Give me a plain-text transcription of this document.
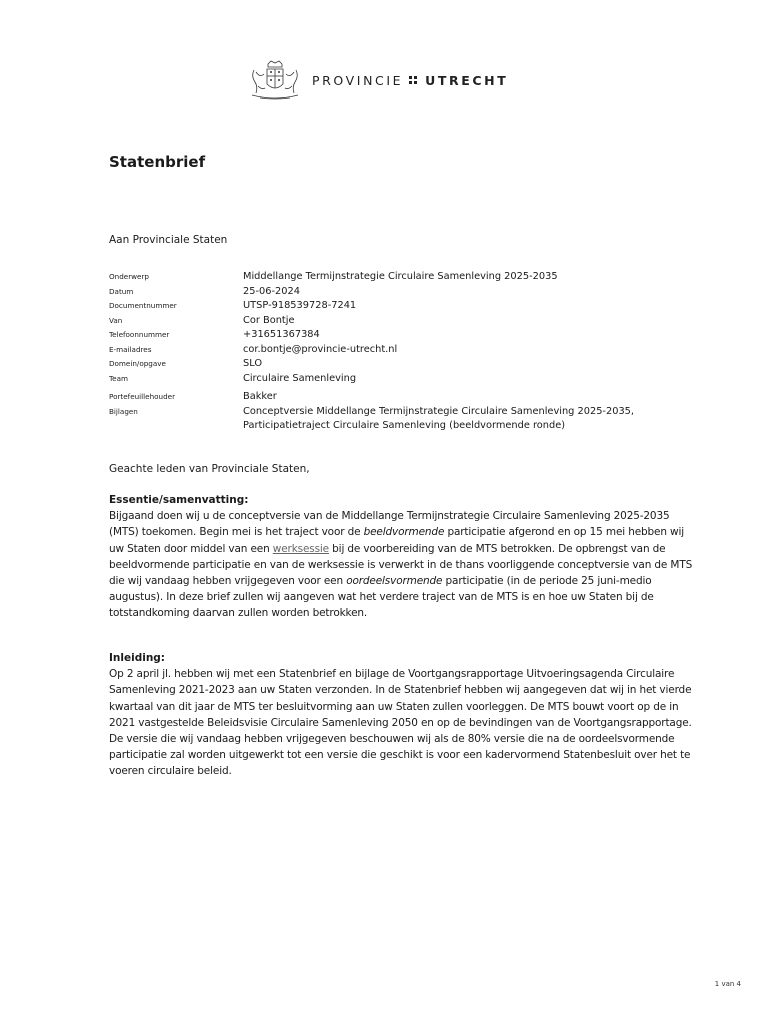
PROVINCIE UTRECHT
Statenbrief
Aan Provinciale Staten
Onderwerp	Middellange Termijnstrategie Circulaire Samenleving 2025-2035
Datum	25-06-2024
Documentnummer	UTSP-918539728-7241
Van	Cor Bontje
Telefoonnummer	+31651367384
E-mailadres	cor.bontje@provincie-utrecht.nl
Domein/opgave	SLO
Team	Circulaire Samenleving
Portefeuillehouder	Bakker
Bijlagen	Conceptversie Middellange Termijnstrategie Circulaire Samenleving 2025-2035,
Participatietraject Circulaire Samenleving (beeldvormende ronde)
Geachte leden van Provinciale Staten,
Essentie/samenvatting:

Bijgaand doen wij u de conceptversie van de Middellange Termijnstrategie Circulaire Samenleving 2025-2035 (MTS) toekomen. Begin mei is het traject voor de beeldvormende participatie afgerond en op 15 mei hebben wij uw Staten door middel van een werksessie bij de voorbereiding van de MTS betrokken. De opbrengst van de beeldvormende participatie en van de werksessie is verwerkt in de thans voorliggende conceptversie van de MTS die wij vandaag hebben vrijgegeven voor een oordeelsvormende participatie (in de periode 25 juni-medio augustus). In deze brief zullen wij aangeven wat het verdere traject van de MTS is en hoe uw Staten bij de totstandkoming daarvan zullen worden betrokken.

Inleiding:

Op 2 april jl. hebben wij met een Statenbrief en bijlage de Voortgangsrapportage Uitvoeringsagenda Circulaire Samenleving 2021-2023 aan uw Staten verzonden. In de Statenbrief hebben wij aangegeven dat wij in het vierde kwartaal van dit jaar de MTS ter besluitvorming aan uw Staten zullen voorleggen. De MTS bouwt voort op de in 2021 vastgestelde Beleidsvisie Circulaire Samenleving 2050 en op de bevindingen van de Voortgangsrapportage. De versie die wij vandaag hebben vrijgegeven beschouwen wij als de 80% versie die na de oordeelsvormende participatie zal worden uitgewerkt tot een versie die geschikt is voor een kadervormend Statenbesluit over het te voeren circulaire beleid.

1 van 4
